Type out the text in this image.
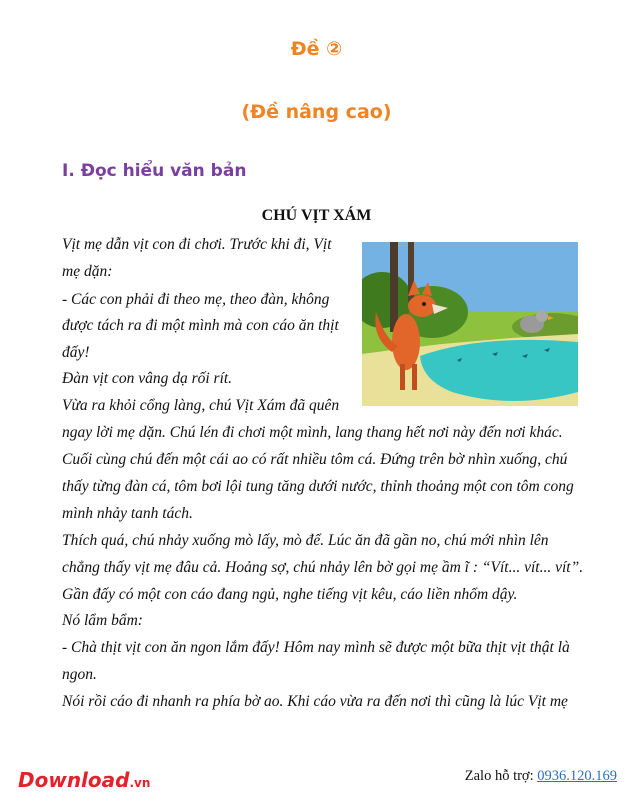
Đề ②
(Đề nâng cao)
I. Đọc hiểu văn bản
CHÚ VỊT XÁM
Vịt mẹ dẫn vịt con đi chơi. Trước khi đi, Vịt
mẹ dặn:
- Các con phải đi theo mẹ, theo đàn, không
được tách ra đi một mình mà con cáo ăn thịt
đấy!
Đàn vịt con vâng dạ rối rít.
Vừa ra khỏi cổng làng, chú Vịt Xám đã quên
ngay lời mẹ dặn. Chú lén đi chơi một mình, lang thang hết nơi này đến nơi khác.
Cuối cùng chú đến một cái ao có rất nhiều tôm cá. Đứng trên bờ nhìn xuống, chú
thấy từng đàn cá, tôm bơi lội tung tăng dưới nước, thỉnh thoảng một con tôm cong
mình nhảy tanh tách.
Thích quá, chú nhảy xuống mò lấy, mò để. Lúc ăn đã gần no, chú mới nhìn lên
chẳng thấy vịt mẹ đâu cả. Hoảng sợ, chú nhảy lên bờ gọi mẹ ầm ĩ : “Vít... vít... vít”.
Gần đấy có một con cáo đang ngủ, nghe tiếng vịt kêu, cáo liền nhổm dậy.
Nó lẩm bẩm:
- Chà thịt vịt con ăn ngon lắm đấy! Hôm nay mình sẽ được một bữa thịt vịt thật là
ngon.
Nói rồi cáo đi nhanh ra phía bờ ao. Khi cáo vừa ra đến nơi thì cũng là lúc Vịt mẹ
Download.vn	Zalo hỗ trợ: 0936.120.169
